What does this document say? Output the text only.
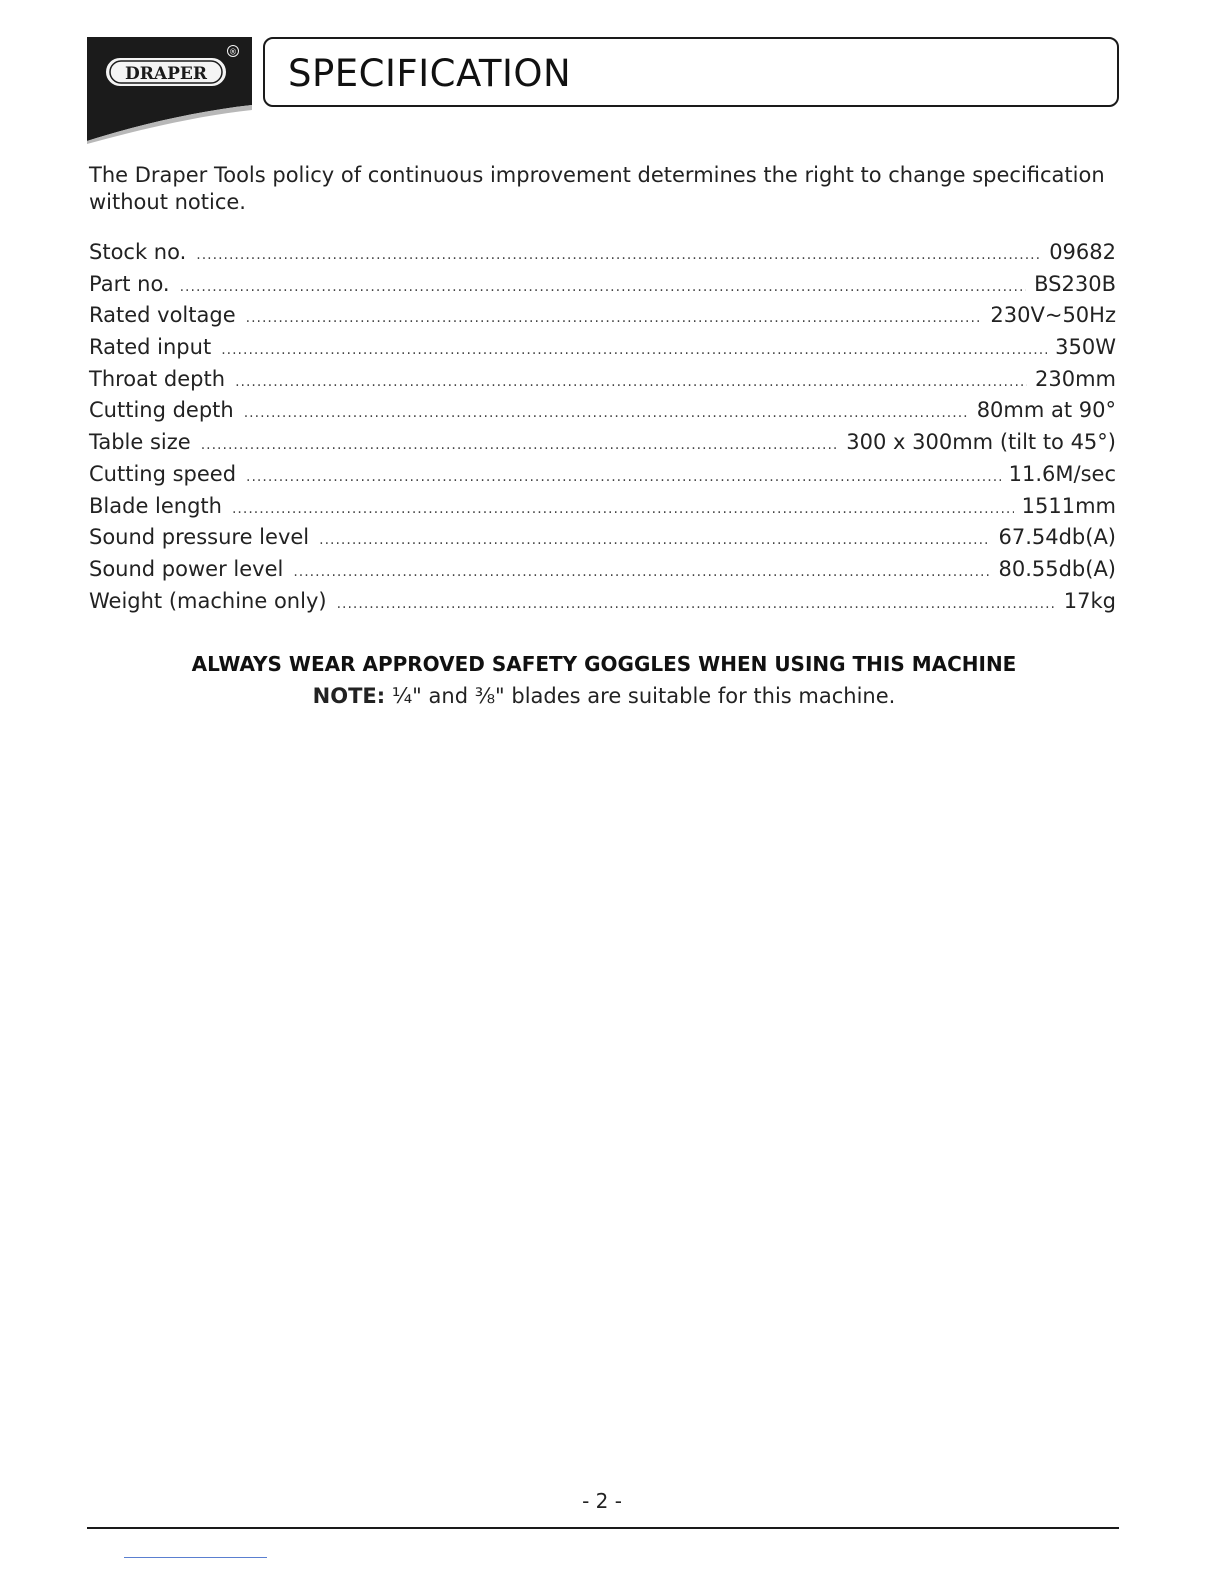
DRAPER
® SPECIFICATION
The Draper Tools policy of continuous improvement determines the right to change specification without notice.
Stock no. .....	09682
Part no. .....	BS230B
Rated voltage .....	230V~50Hz
Rated input .....	350W
Throat depth .....	230mm
Cutting depth .....	80mm at 90°
Table size .....	300 x 300mm (tilt to 45°)
Cutting speed .....	11.6M/sec
Blade length .....	1511mm
Sound pressure level .....	67.54db(A)
Sound power level .....	80.55db(A)
Weight (machine only) .....	17kg
ALWAYS WEAR APPROVED SAFETY GOGGLES WHEN USING THIS MACHINE
NOTE: ¼" and ⅜" blades are suitable for this machine.
- 2 -
